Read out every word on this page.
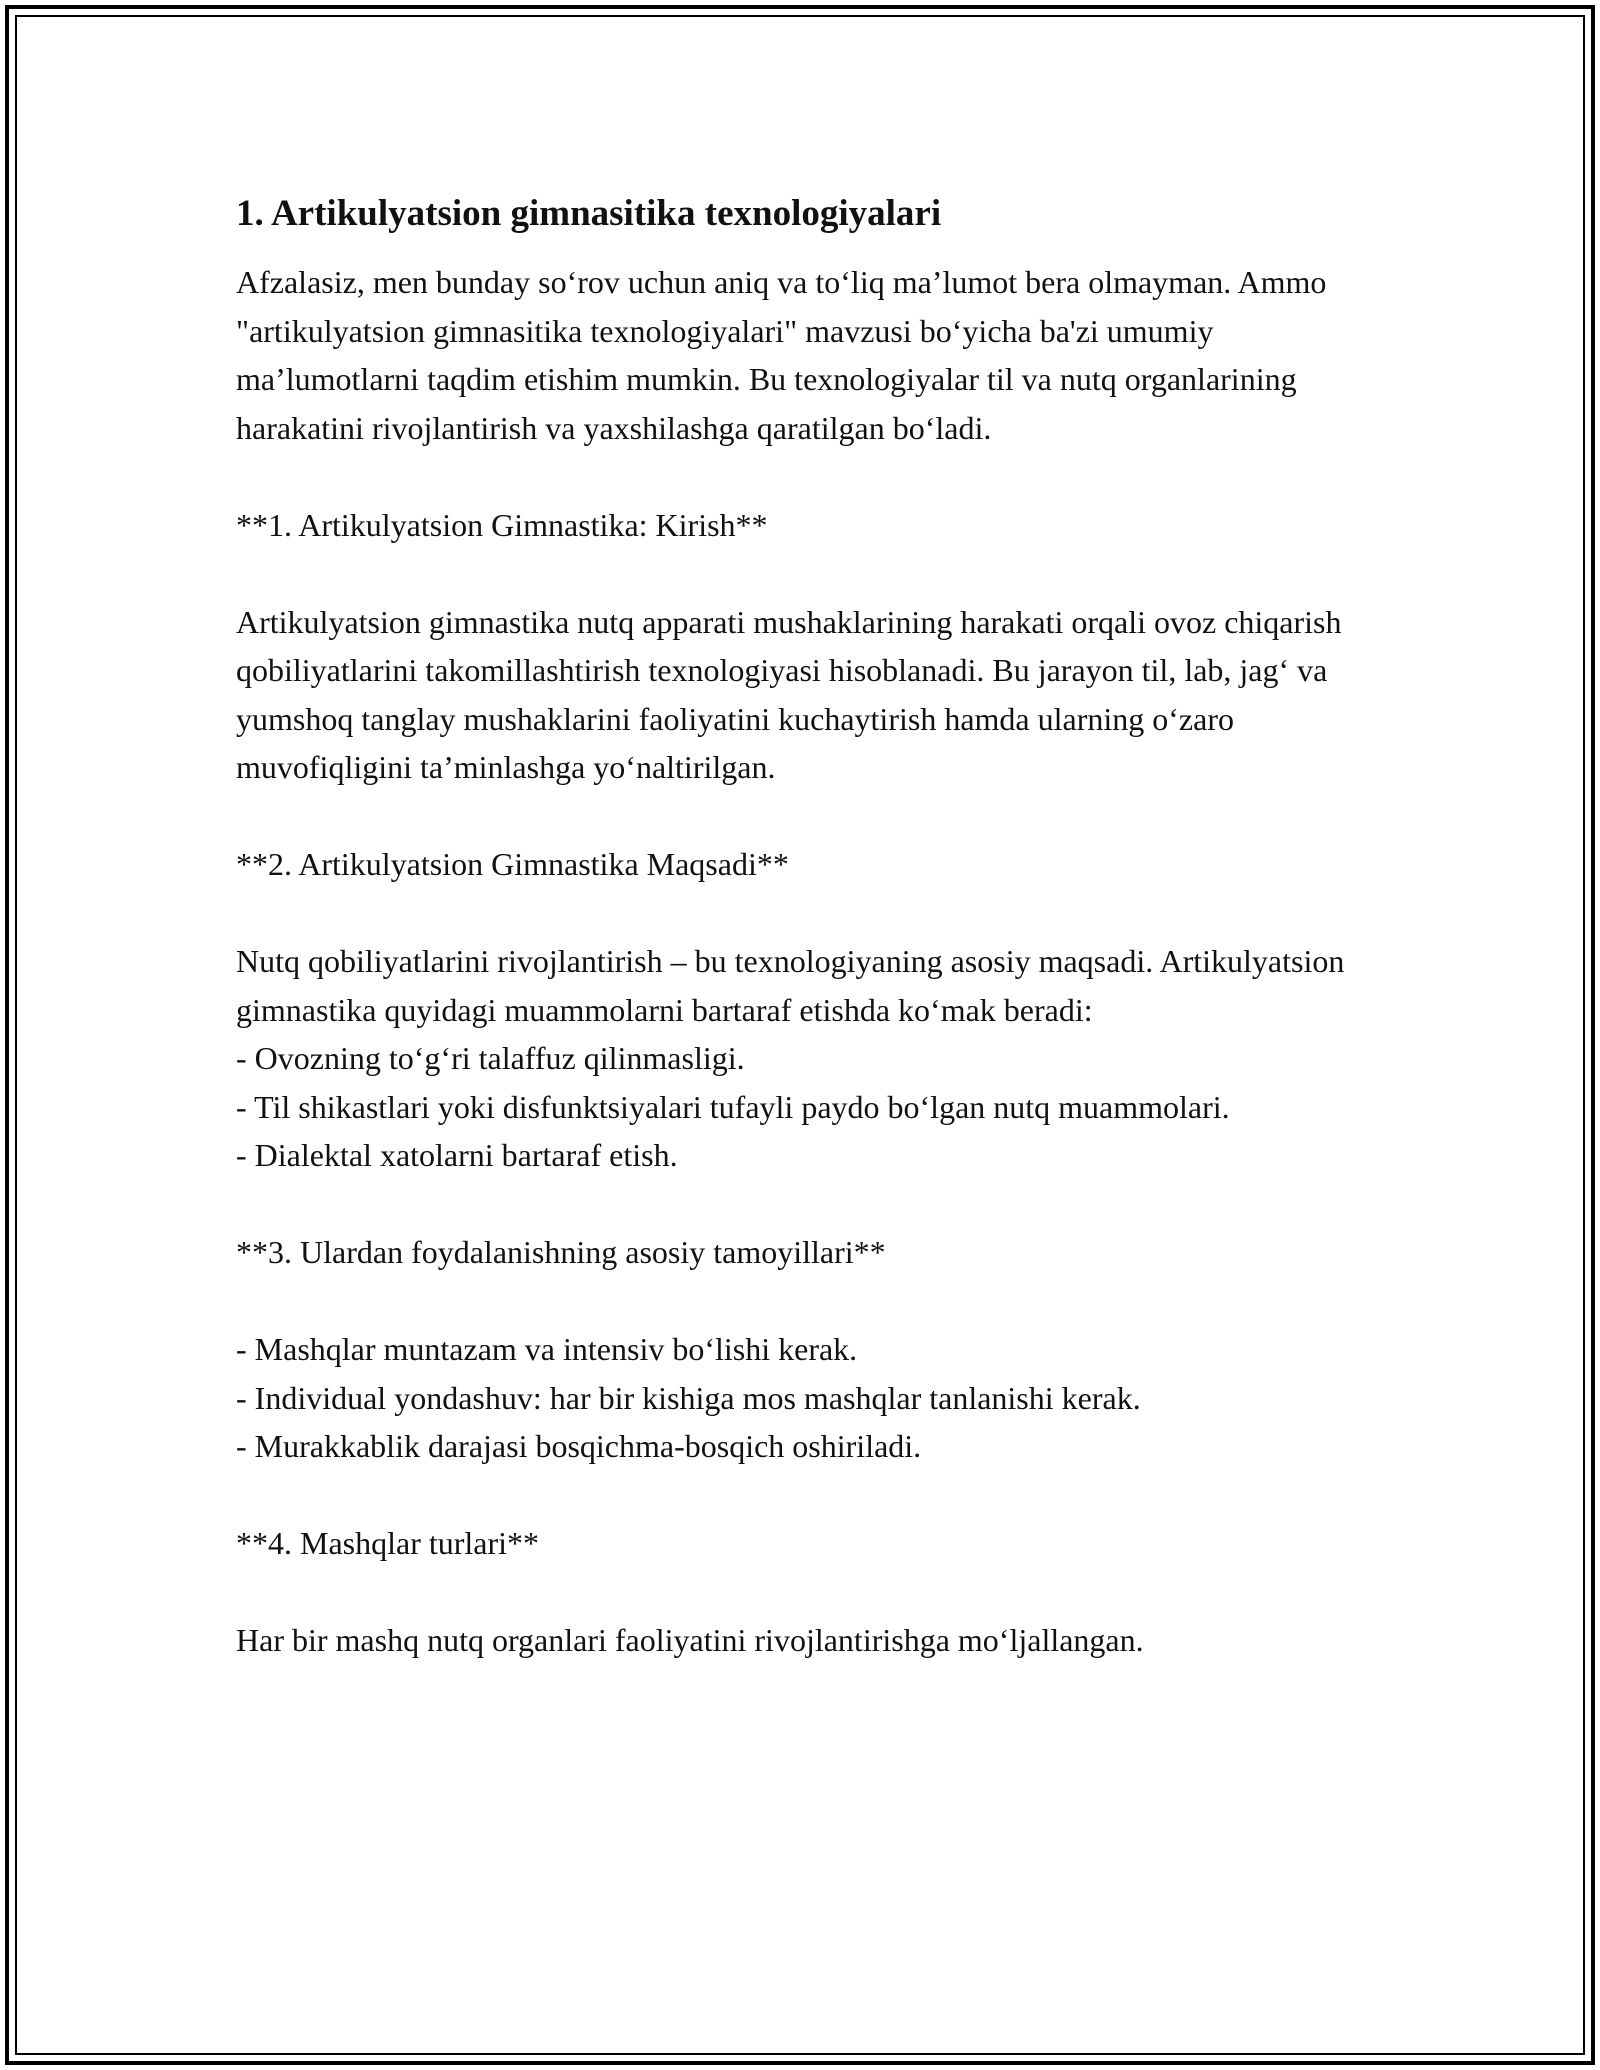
1. Artikulyatsion gimnasitika texnologiyalari

Afzalasiz, men bunday so‘rov uchun aniq va to‘liq ma’lumot bera olmayman. Ammo "artikulyatsion gimnasitika texnologiyalari" mavzusi bo‘yicha ba'zi umumiy ma’lumotlarni taqdim etishim mumkin. Bu texnologiyalar til va nutq organlarining harakatini rivojlantirish va yaxshilashga qaratilgan bo‘ladi.

**1. Artikulyatsion Gimnastika: Kirish**

Artikulyatsion gimnastika nutq apparati mushaklarining harakati orqali ovoz chiqarish qobiliyatlarini takomillashtirish texnologiyasi hisoblanadi. Bu jarayon til, lab, jag‘ va yumshoq tanglay mushaklarini faoliyatini kuchaytirish hamda ularning o‘zaro muvofiqligini ta’minlashga yo‘naltirilgan.

**2. Artikulyatsion Gimnastika Maqsadi**

Nutq qobiliyatlarini rivojlantirish – bu texnologiyaning asosiy maqsadi. Artikulyatsion gimnastika quyidagi muammolarni bartaraf etishda ko‘mak beradi:

- Ovozning to‘g‘ri talaffuz qilinmasligi.

- Til shikastlari yoki disfunktsiyalari tufayli paydo bo‘lgan nutq muammolari.

- Dialektal xatolarni bartaraf etish.

**3. Ulardan foydalanishning asosiy tamoyillari**

- Mashqlar muntazam va intensiv bo‘lishi kerak.

- Individual yondashuv: har bir kishiga mos mashqlar tanlanishi kerak.

- Murakkablik darajasi bosqichma-bosqich oshiriladi.

**4. Mashqlar turlari**

Har bir mashq nutq organlari faoliyatini rivojlantirishga mo‘ljallangan.
